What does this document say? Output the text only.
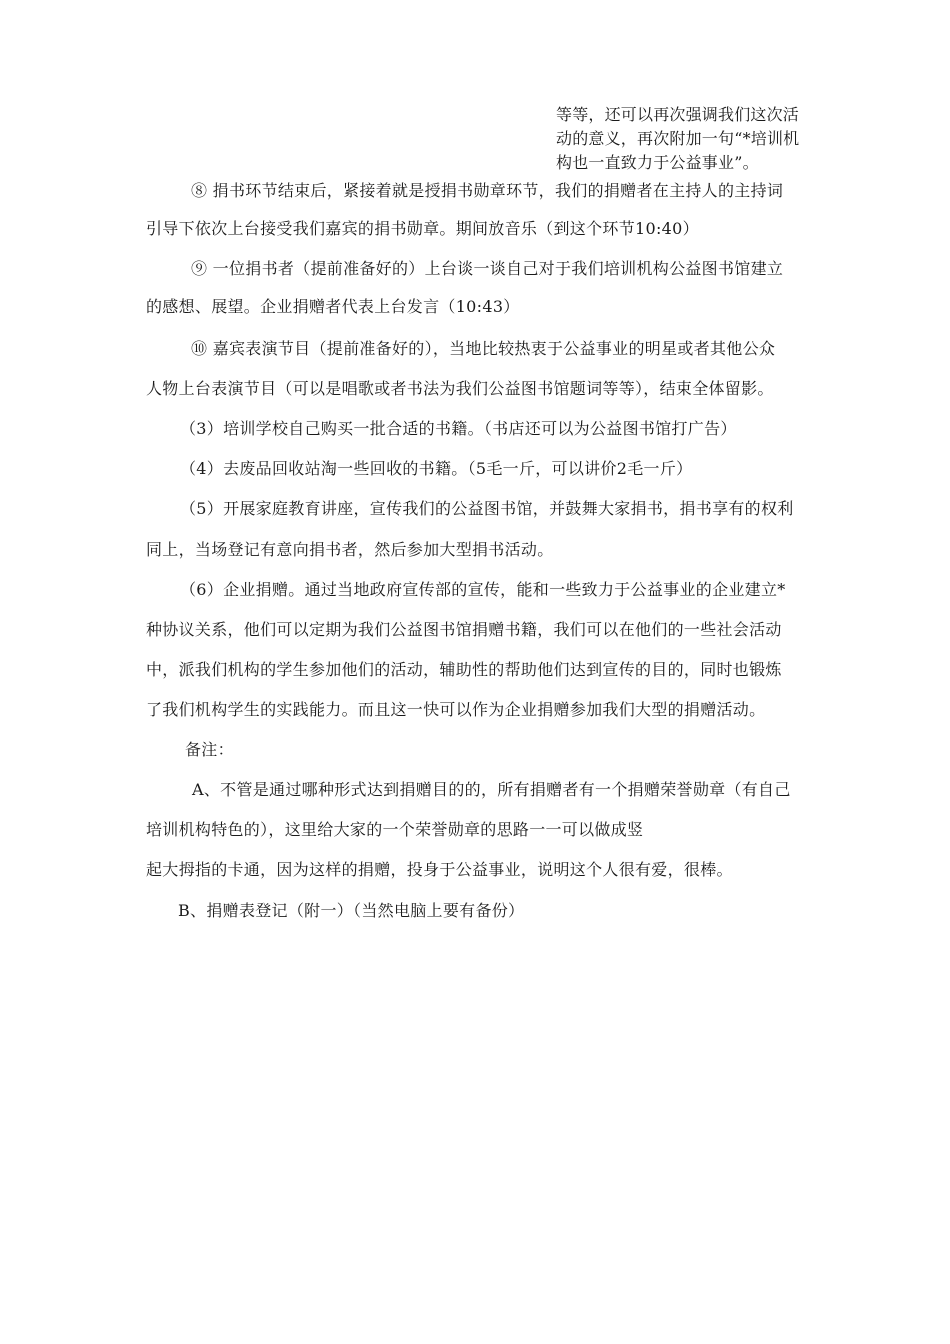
等等，还可以再次强调我们这次活
动的意义，再次附加一句“*培训机
构也一直致力于公益事业”。
⑧ 捐书环节结束后，紧接着就是授捐书勋章环节，我们的捐赠者在主持人的主持词
引导下依次上台接受我们嘉宾的捐书勋章。期间放音乐（到这个环节10:40）
⑨ 一位捐书者（提前准备好的）上台谈一谈自己对于我们培训机构公益图书馆建立
的感想、展望。企业捐赠者代表上台发言（10:43）
⑩ 嘉宾表演节目（提前准备好的），当地比较热衷于公益事业的明星或者其他公众
人物上台表演节目（可以是唱歌或者书法为我们公益图书馆题词等等），结束全体留影。
（3）培训学校自己购买一批合适的书籍。（书店还可以为公益图书馆打广告）
（4）去废品回收站淘一些回收的书籍。（5毛一斤，可以讲价2毛一斤）
（5）开展家庭教育讲座，宣传我们的公益图书馆，并鼓舞大家捐书，捐书享有的权利
同上，当场登记有意向捐书者，然后参加大型捐书活动。
（6）企业捐赠。通过当地政府宣传部的宣传，能和一些致力于公益事业的企业建立*
种协议关系，他们可以定期为我们公益图书馆捐赠书籍，我们可以在他们的一些社会活动
中，派我们机构的学生参加他们的活动，辅助性的帮助他们达到宣传的目的，同时也锻炼
了我们机构学生的实践能力。而且这一快可以作为企业捐赠参加我们大型的捐赠活动。
备注：
A、不管是通过哪种形式达到捐赠目的的，所有捐赠者有一个捐赠荣誉勋章（有自己
培训机构特色的），这里给大家的一个荣誉勋章的思路一一可以做成竖
起大拇指的卡通，因为这样的捐赠，投身于公益事业，说明这个人很有爱，很棒。
B、捐赠表登记（附一）（当然电脑上要有备份）
